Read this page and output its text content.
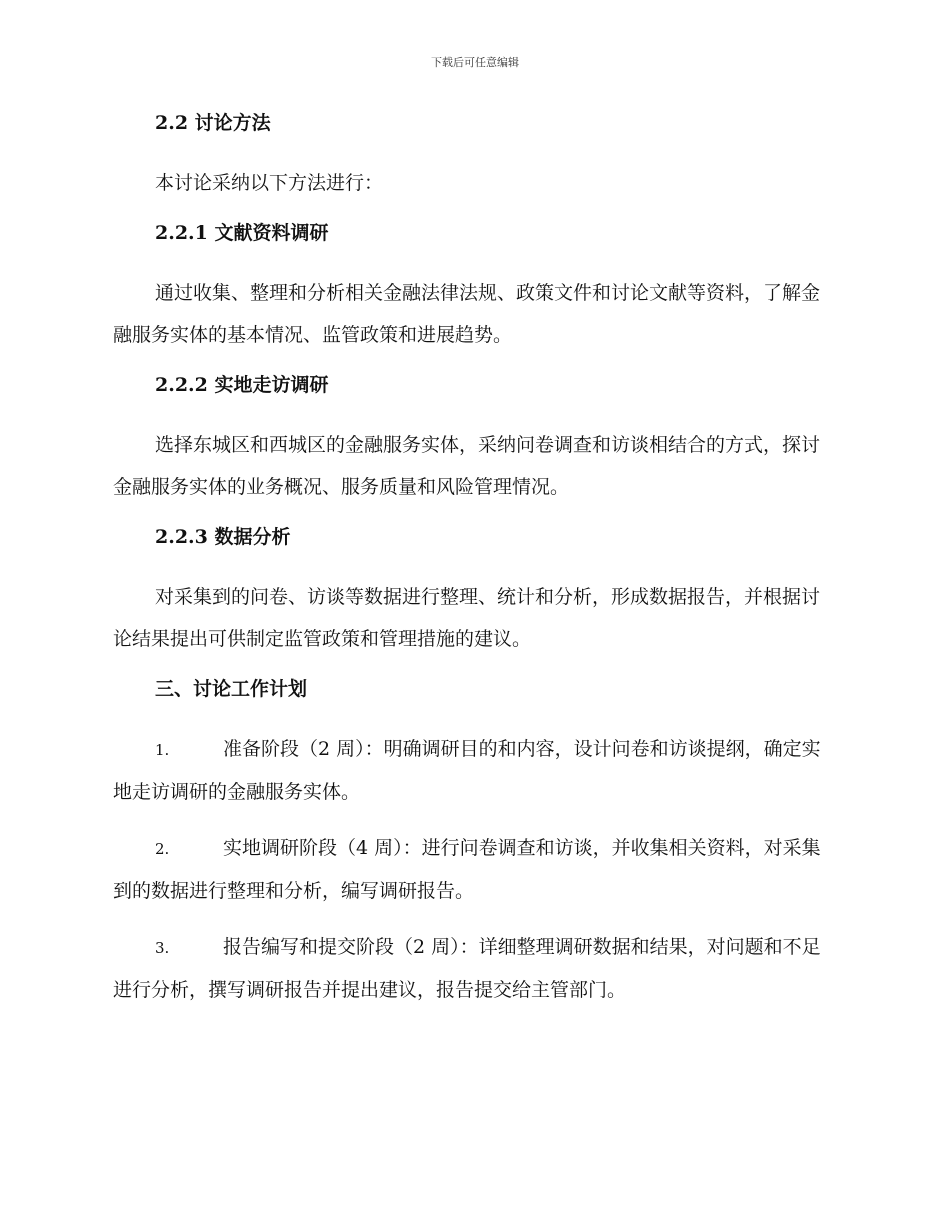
下载后可任意编辑
2.2 讨论方法
本讨论采纳以下方法进行：
2.2.1 文献资料调研
通过收集、整理和分析相关金融法律法规、政策文件和讨论文献等资料，了解金融服务实体的基本情况、监管政策和进展趋势。
2.2.2 实地走访调研
选择东城区和西城区的金融服务实体，采纳问卷调查和访谈相结合的方式，探讨金融服务实体的业务概况、服务质量和风险管理情况。
2.2.3 数据分析
对采集到的问卷、访谈等数据进行整理、统计和分析，形成数据报告，并根据讨论结果提出可供制定监管政策和管理措施的建议。
三、讨论工作计划
1.	准备阶段（2 周）：明确调研目的和内容，设计问卷和访谈提纲，确定实地走访调研的金融服务实体。
2.	实地调研阶段（4 周）：进行问卷调查和访谈，并收集相关资料，对采集到的数据进行整理和分析，编写调研报告。
3.	报告编写和提交阶段（2 周）：详细整理调研数据和结果，对问题和不足进行分析，撰写调研报告并提出建议，报告提交给主管部门。
